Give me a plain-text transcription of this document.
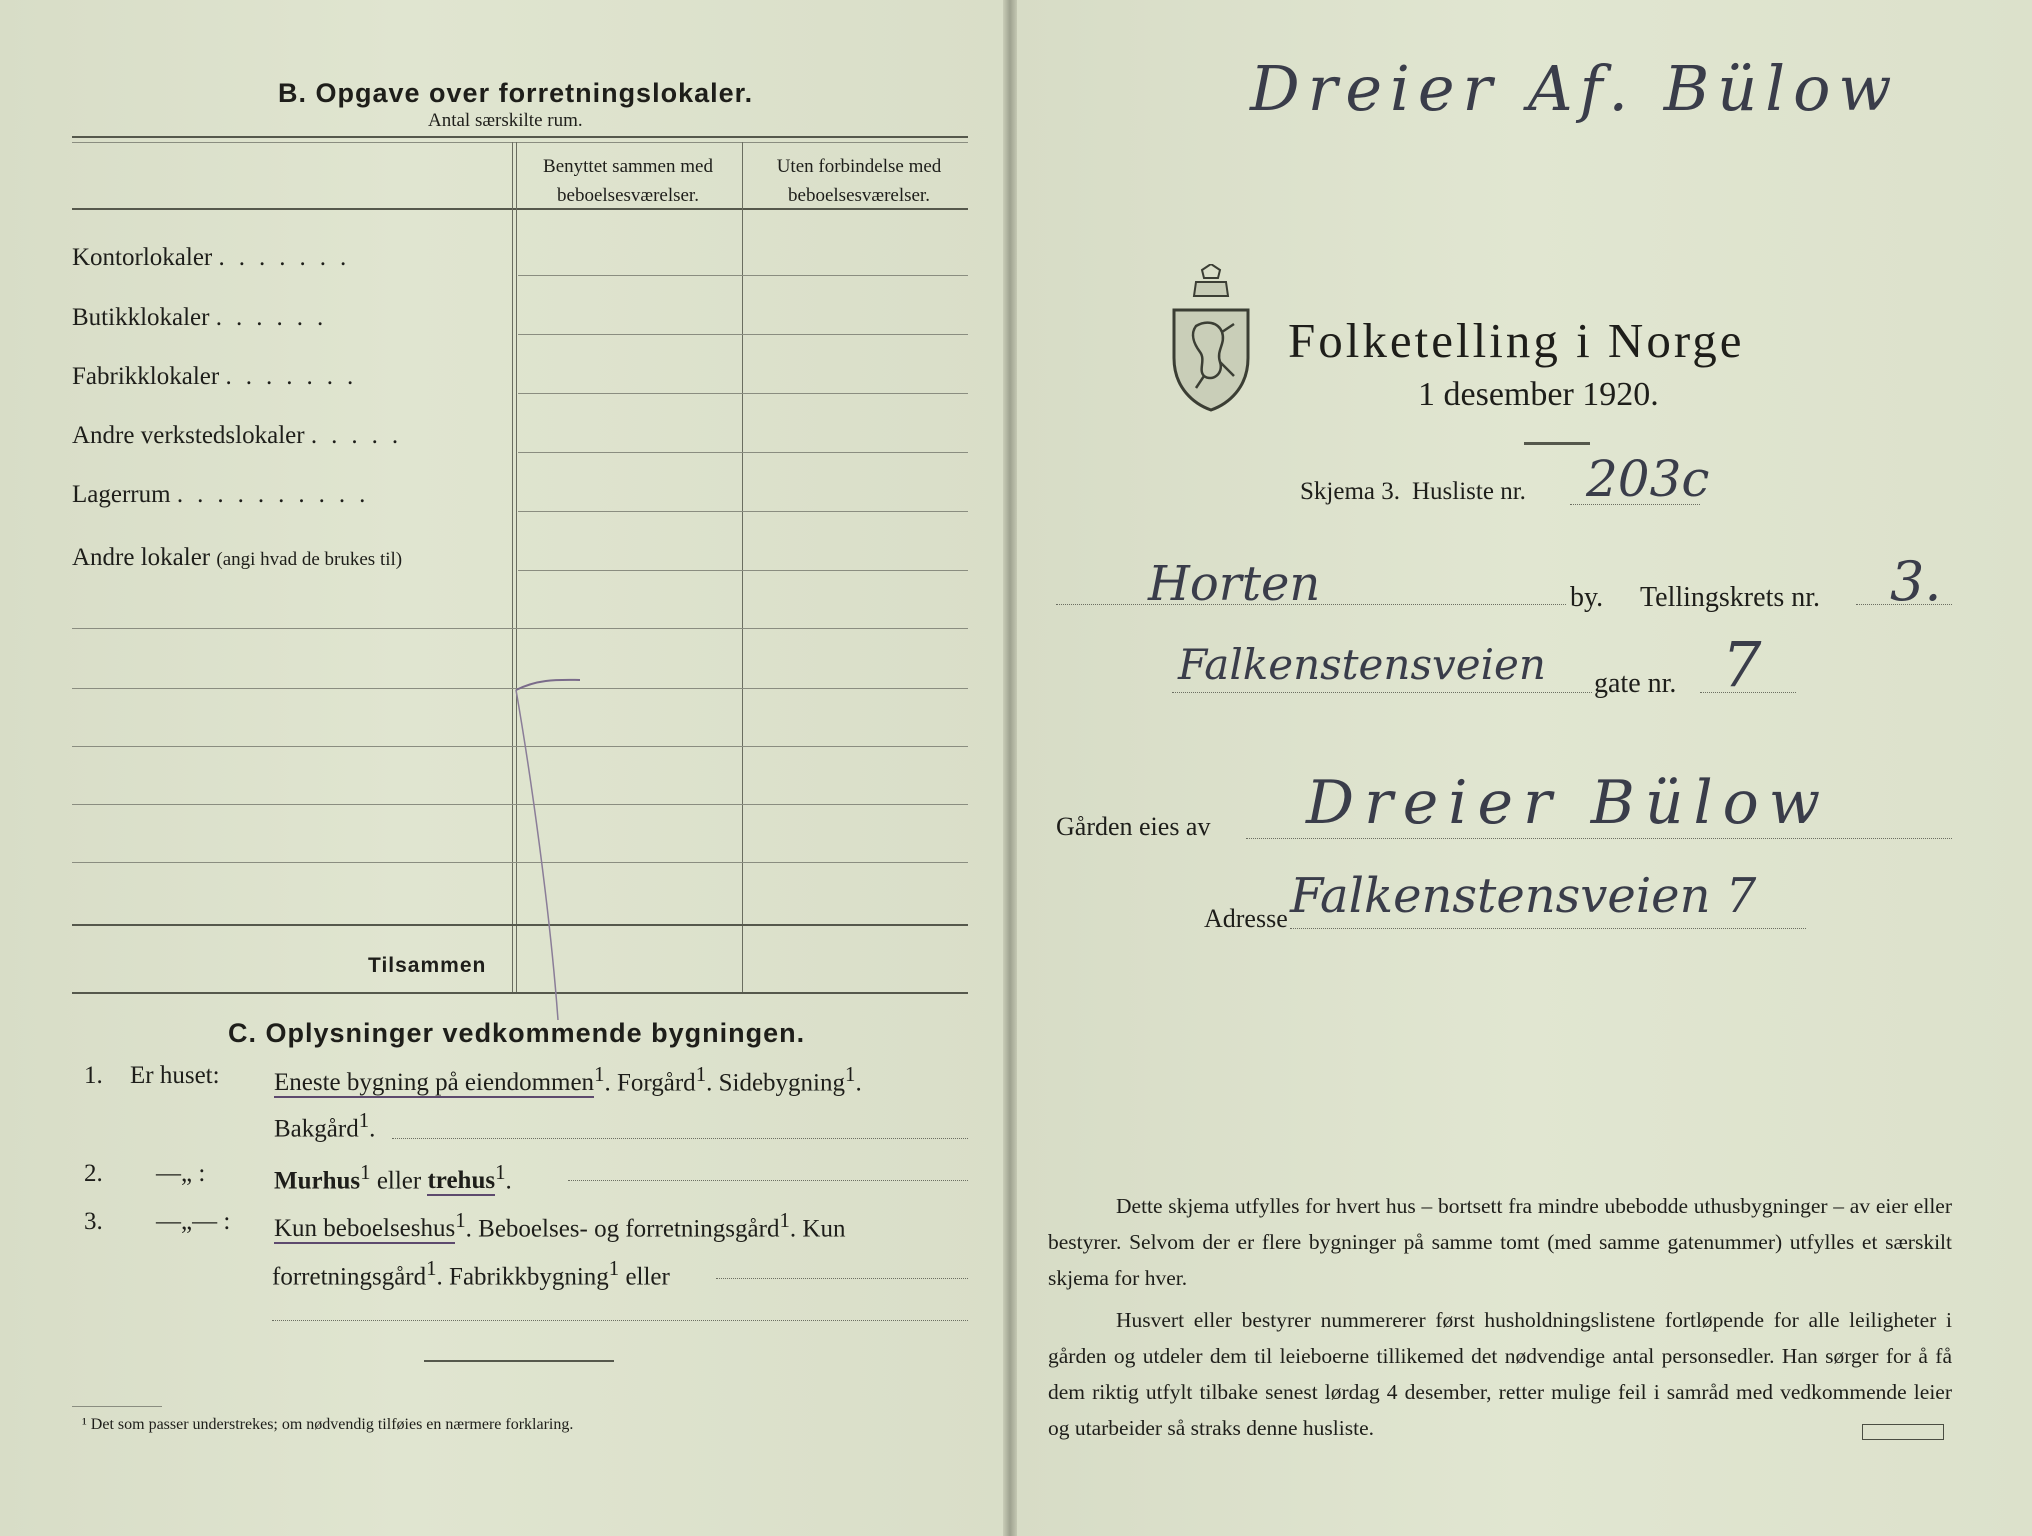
B. Opgave over forretningslokaler.
Antal særskilte rum.
Benyttet sammen med
beboelsesværelser.
Uten forbindelse med
beboelsesværelser.
Kontorlokaler .......
Butikklokaler ......
Fabrikklokaler .......
Andre verkstedslokaler .....
Lagerrum ..........
Andre lokaler (angi hvad de brukes til)
Tilsammen
C. Oplysninger vedkommende bygningen.
1. Er huset: Eneste bygning på eiendommen$^1$. Forgård$^1$. Sidebygning$^1$.
Bakgård$^1$.
2. —„ :	Murhus$^1$ eller trehus$^1$.
3. —„— : Kun beboelseshus$^1$. Beboelses- og forretningsgård$^1$. Kun
forretningsgård$^1$. Fabrikkbygning$^1$ eller
¹ Det som passer understrekes; om nødvendig tilføies en nærmere forklaring.
Dreier Af. Bülow
Folketelling i Norge
1 desember 1920.
Skjema 3. Husliste nr. 203c
Horten	by. Tellingskrets nr. 3.
Falkenstensveien gate nr. 7
Gården eies av Dreier Bülow
Adresse Falkenstensveien 7
Dette skjema utfylles for hvert hus – bortsett fra mindre ubebodde uthusbygninger – av eier eller bestyrer. Selvom der er flere bygninger på samme tomt (med samme gatenummer) utfylles et særskilt skjema for hver.
Husvert eller bestyrer nummererer først husholdningslistene fortløpende for alle leiligheter i gården og utdeler dem til leieboerne tillikemed det nødvendige antal personsedler. Han sørger for å få dem riktig utfylt tilbake senest lørdag 4 desember, retter mulige feil i samråd med vedkommende leier og utarbeider så straks denne husliste.
